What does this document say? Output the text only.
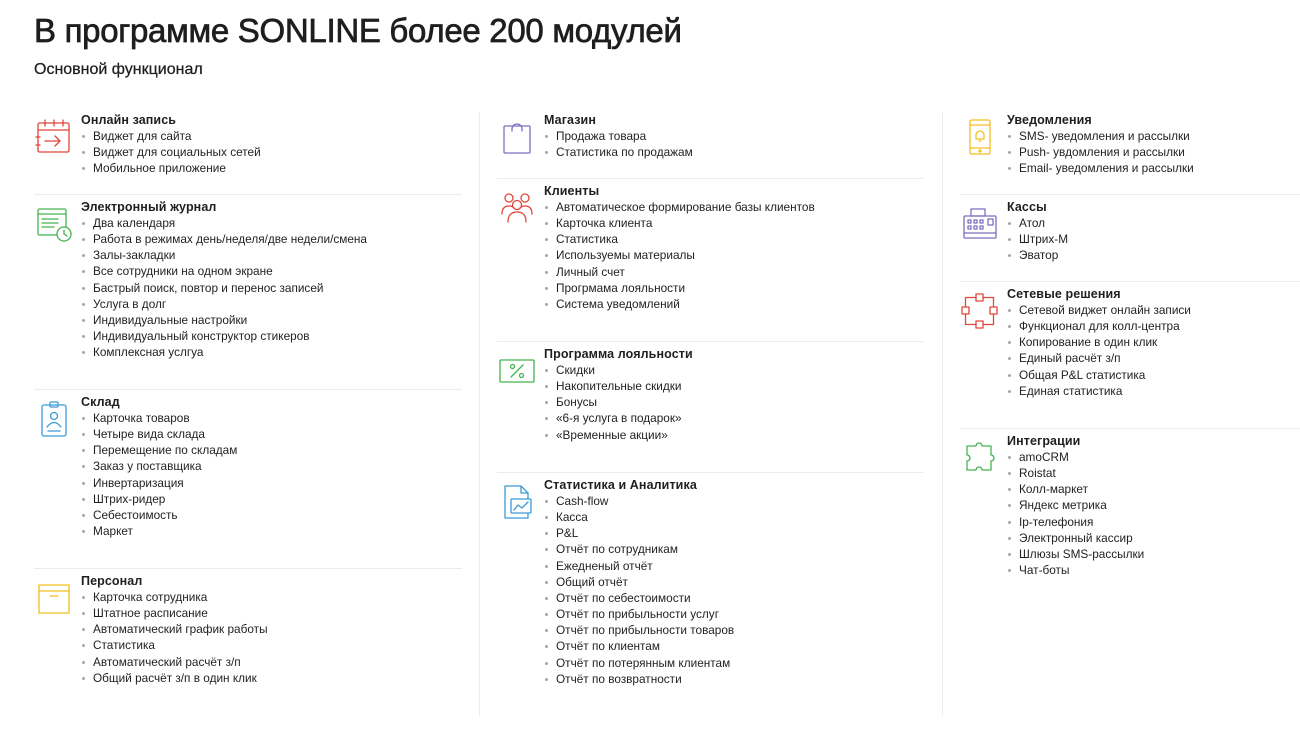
В программе SONLINE более 200 модулей
Основной функционал
Онлайн запись
Виджет для сайта
Виджет для социальных сетей
Мобильное приложение
Электронный журнал
Два календаря
Работа в режимах день/неделя/две недели/смена
Залы-закладки
Все сотрудники на одном экране
Бастрый поиск, повтор и перенос записей
Услуга в долг
Индивидуальные настройки
Индивидуальный конструктор стикеров
Комплексная услгуа
Склад
Карточка товаров
Четыре вида склада
Перемещение по складам
Заказ у поставщика
Инвертаризация
Штрих-ридер
Себестоимость
Маркет
Персонал
Карточка сотрудника
Штатное расписание
Автоматический график работы
Статистика
Автоматический расчёт з/п
Общий расчёт з/п в один клик
Магазин
Продажа товара
Статистика по продажам
Клиенты
Автоматическое формирование базы клиентов
Карточка клиента
Статистика
Используемы материалы
Личный счет
Прогрмама лояльности
Система уведомлений
Программа лояльности
Скидки
Накопительные скидки
Бонусы
«6-я услуга в подарок»
«Временные акции»
Статистика и Аналитика
Cash-flow
Касса
P&L
Отчёт по сотрудникам
Ежедненый отчёт
Общий отчёт
Отчёт по себестоимости
Отчёт по прибыльности услуг
Отчёт по прибыльности товаров
Отчёт по клиентам
Отчёт по потерянным клиентам
Отчёт по возвратности
Уведомления
SMS- уведомления и рассылки
Push- увдомления и рассылки
Email- уведомления и рассылки
Кассы
Атол
Штрих-М
Эватор
Сетевые решения
Сетевой виджет онлайн записи
Функционал для колл-центра
Копирование в один клик
Единый расчёт з/п
Общая P&L статистика
Единая статистика
Интеграции
amoCRM
Roistat
Колл-маркет
Яндекс метрика
Ip-телефония
Электронный кассир
Шлюзы SMS-рассылки
Чат-боты
